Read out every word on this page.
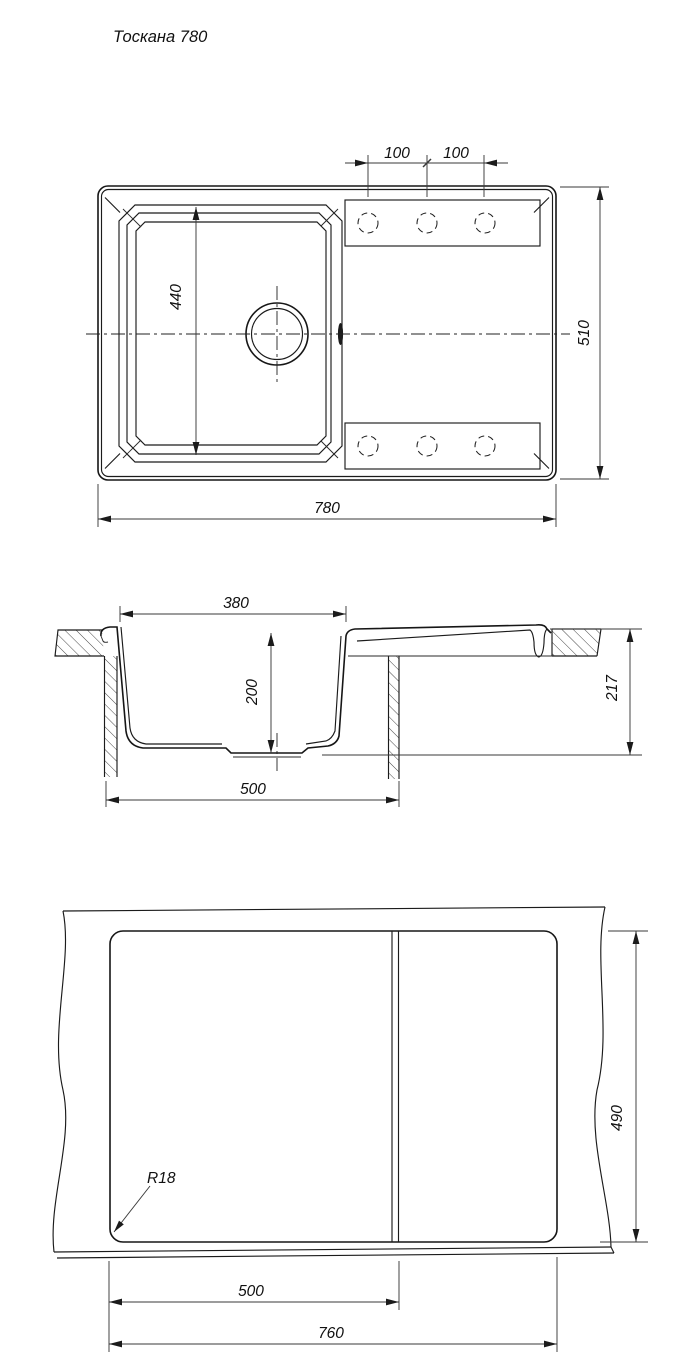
Тоскана 780
100 100
440
510
780
380
200
500
217
R18
490
500
760
